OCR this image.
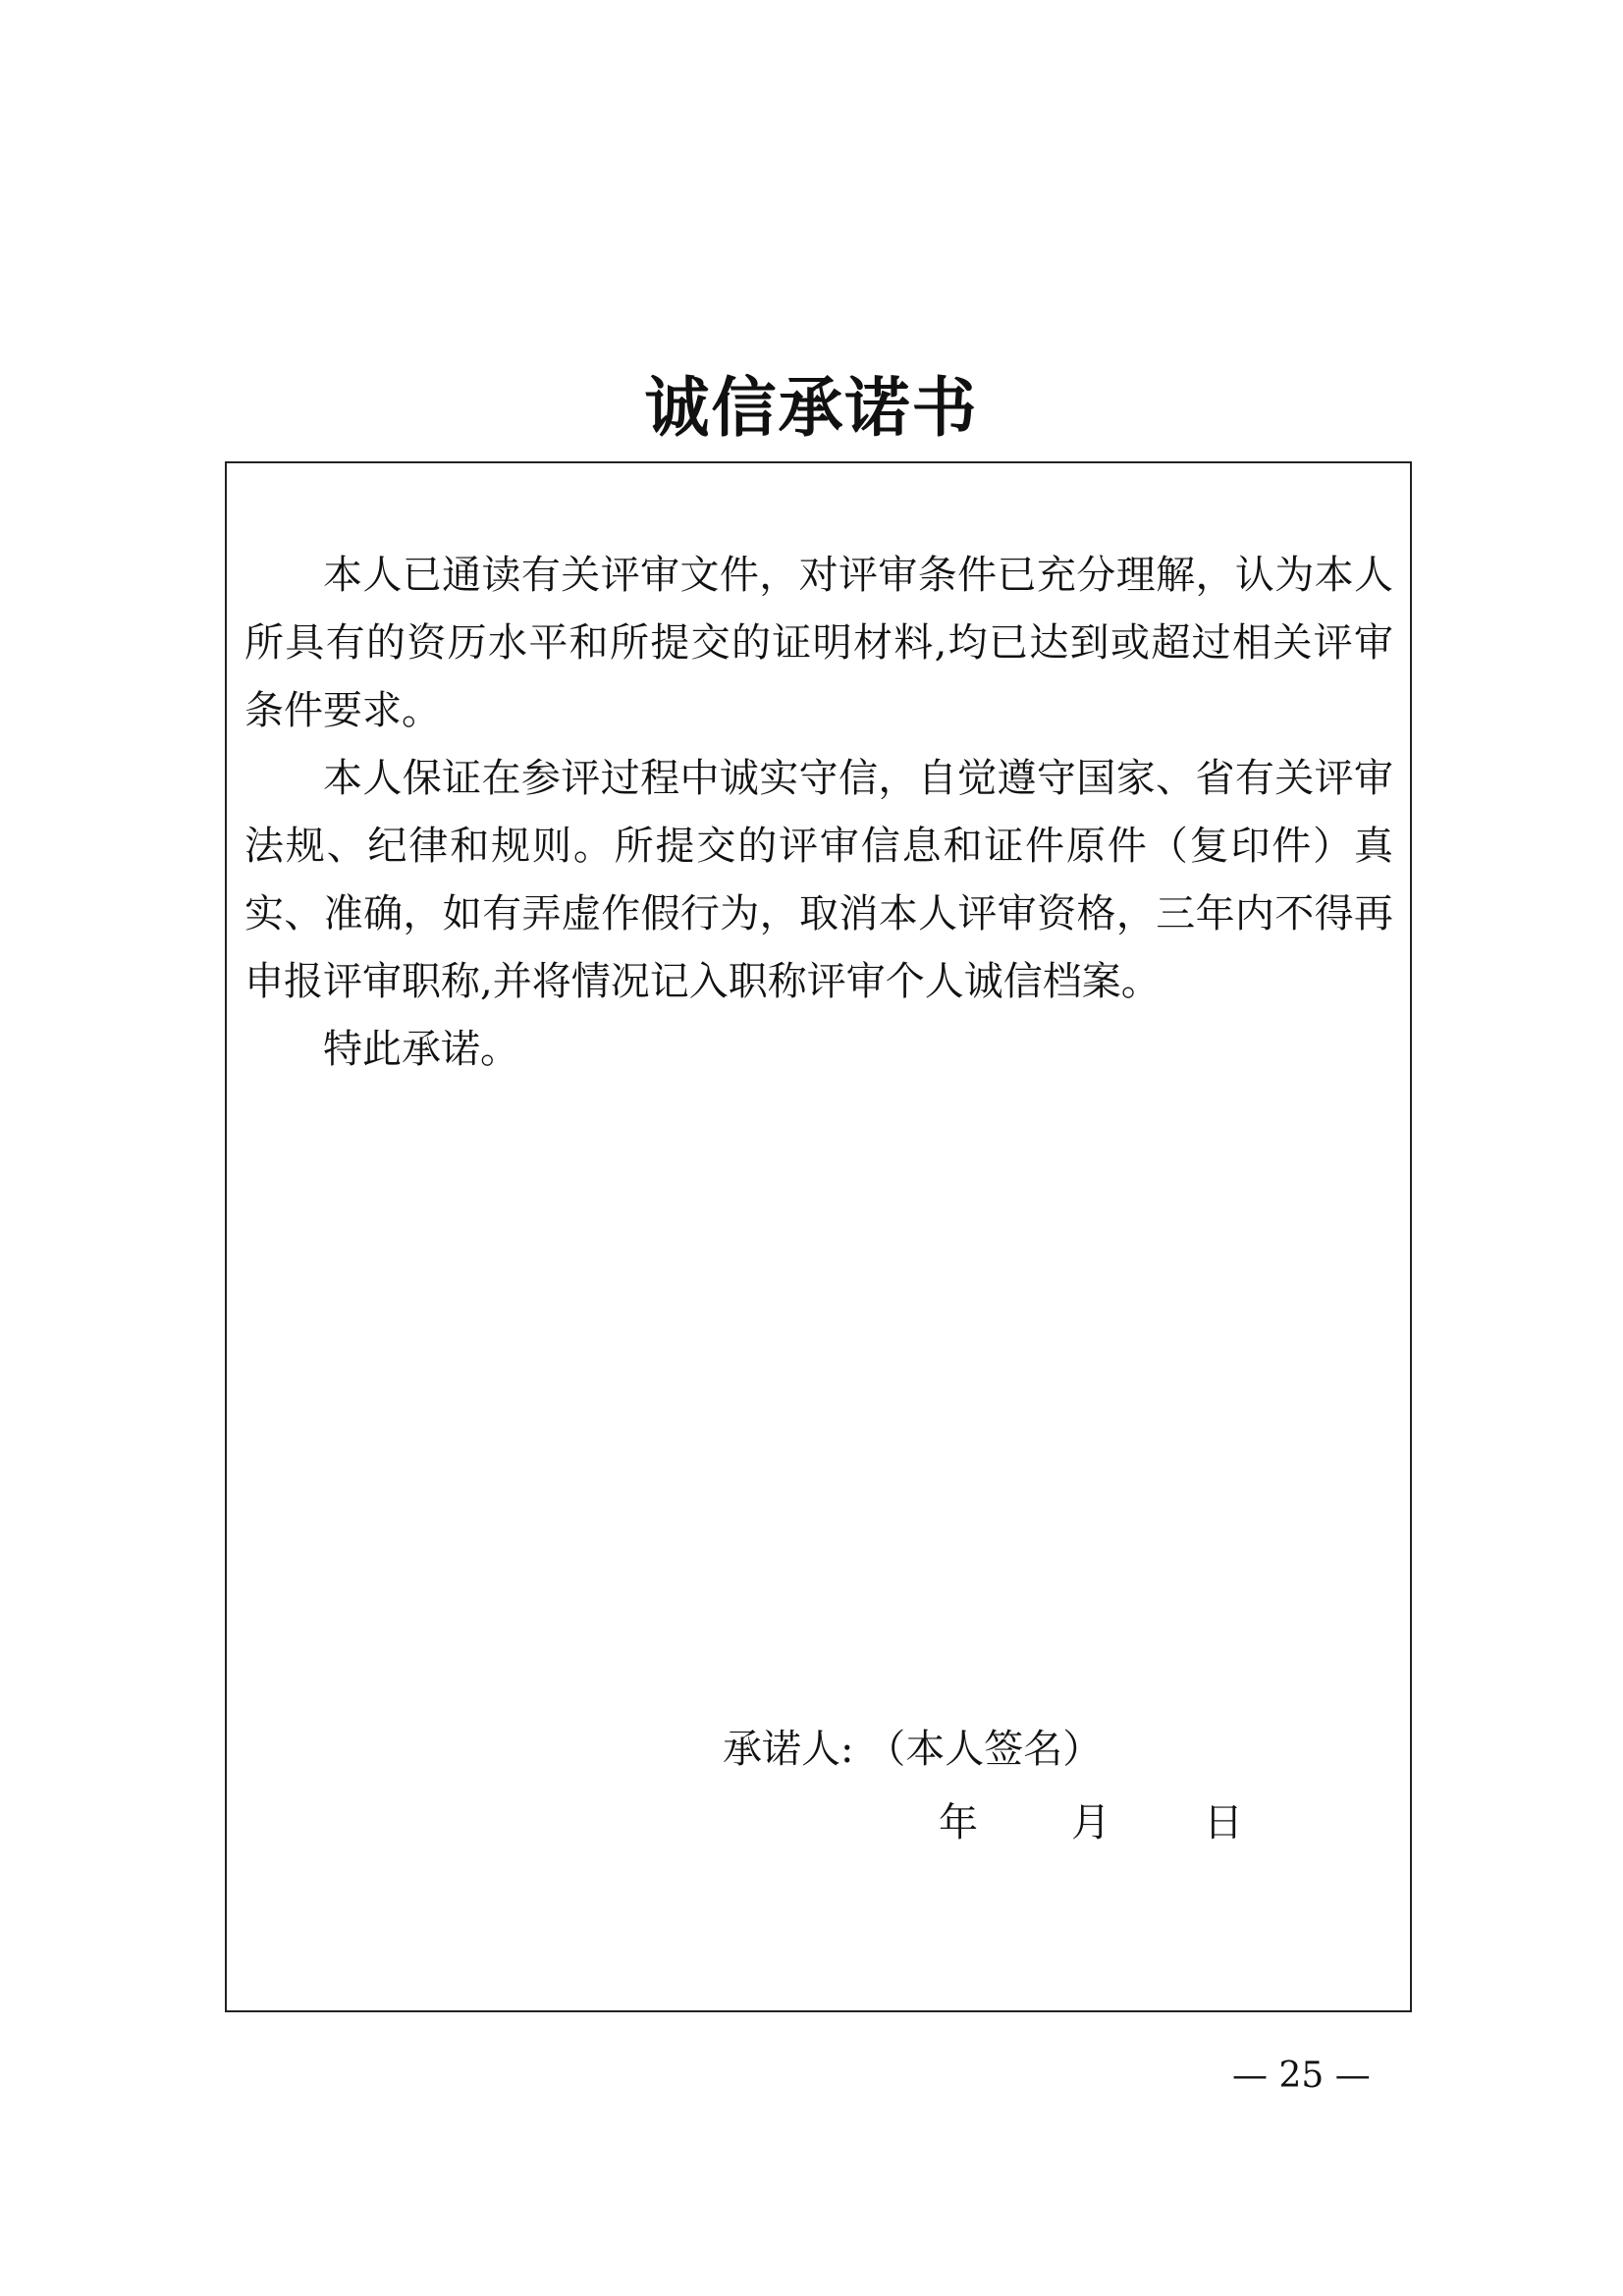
诚信承诺书

本人已通读有关评审文件，对评审条件已充分理解，认为本人所具有的资历水平和所提交的证明材料,均已达到或超过相关评审条件要求。

本人保证在参评过程中诚实守信，自觉遵守国家、省有关评审法规、纪律和规则。所提交的评审信息和证件原件（复印件）真实、准确，如有弄虚作假行为，取消本人评审资格，三年内不得再申报评审职称,并将情况记入职称评审个人诚信档案。

特此承诺。

承诺人: （本人签名）
年 月 日
— 25 —
